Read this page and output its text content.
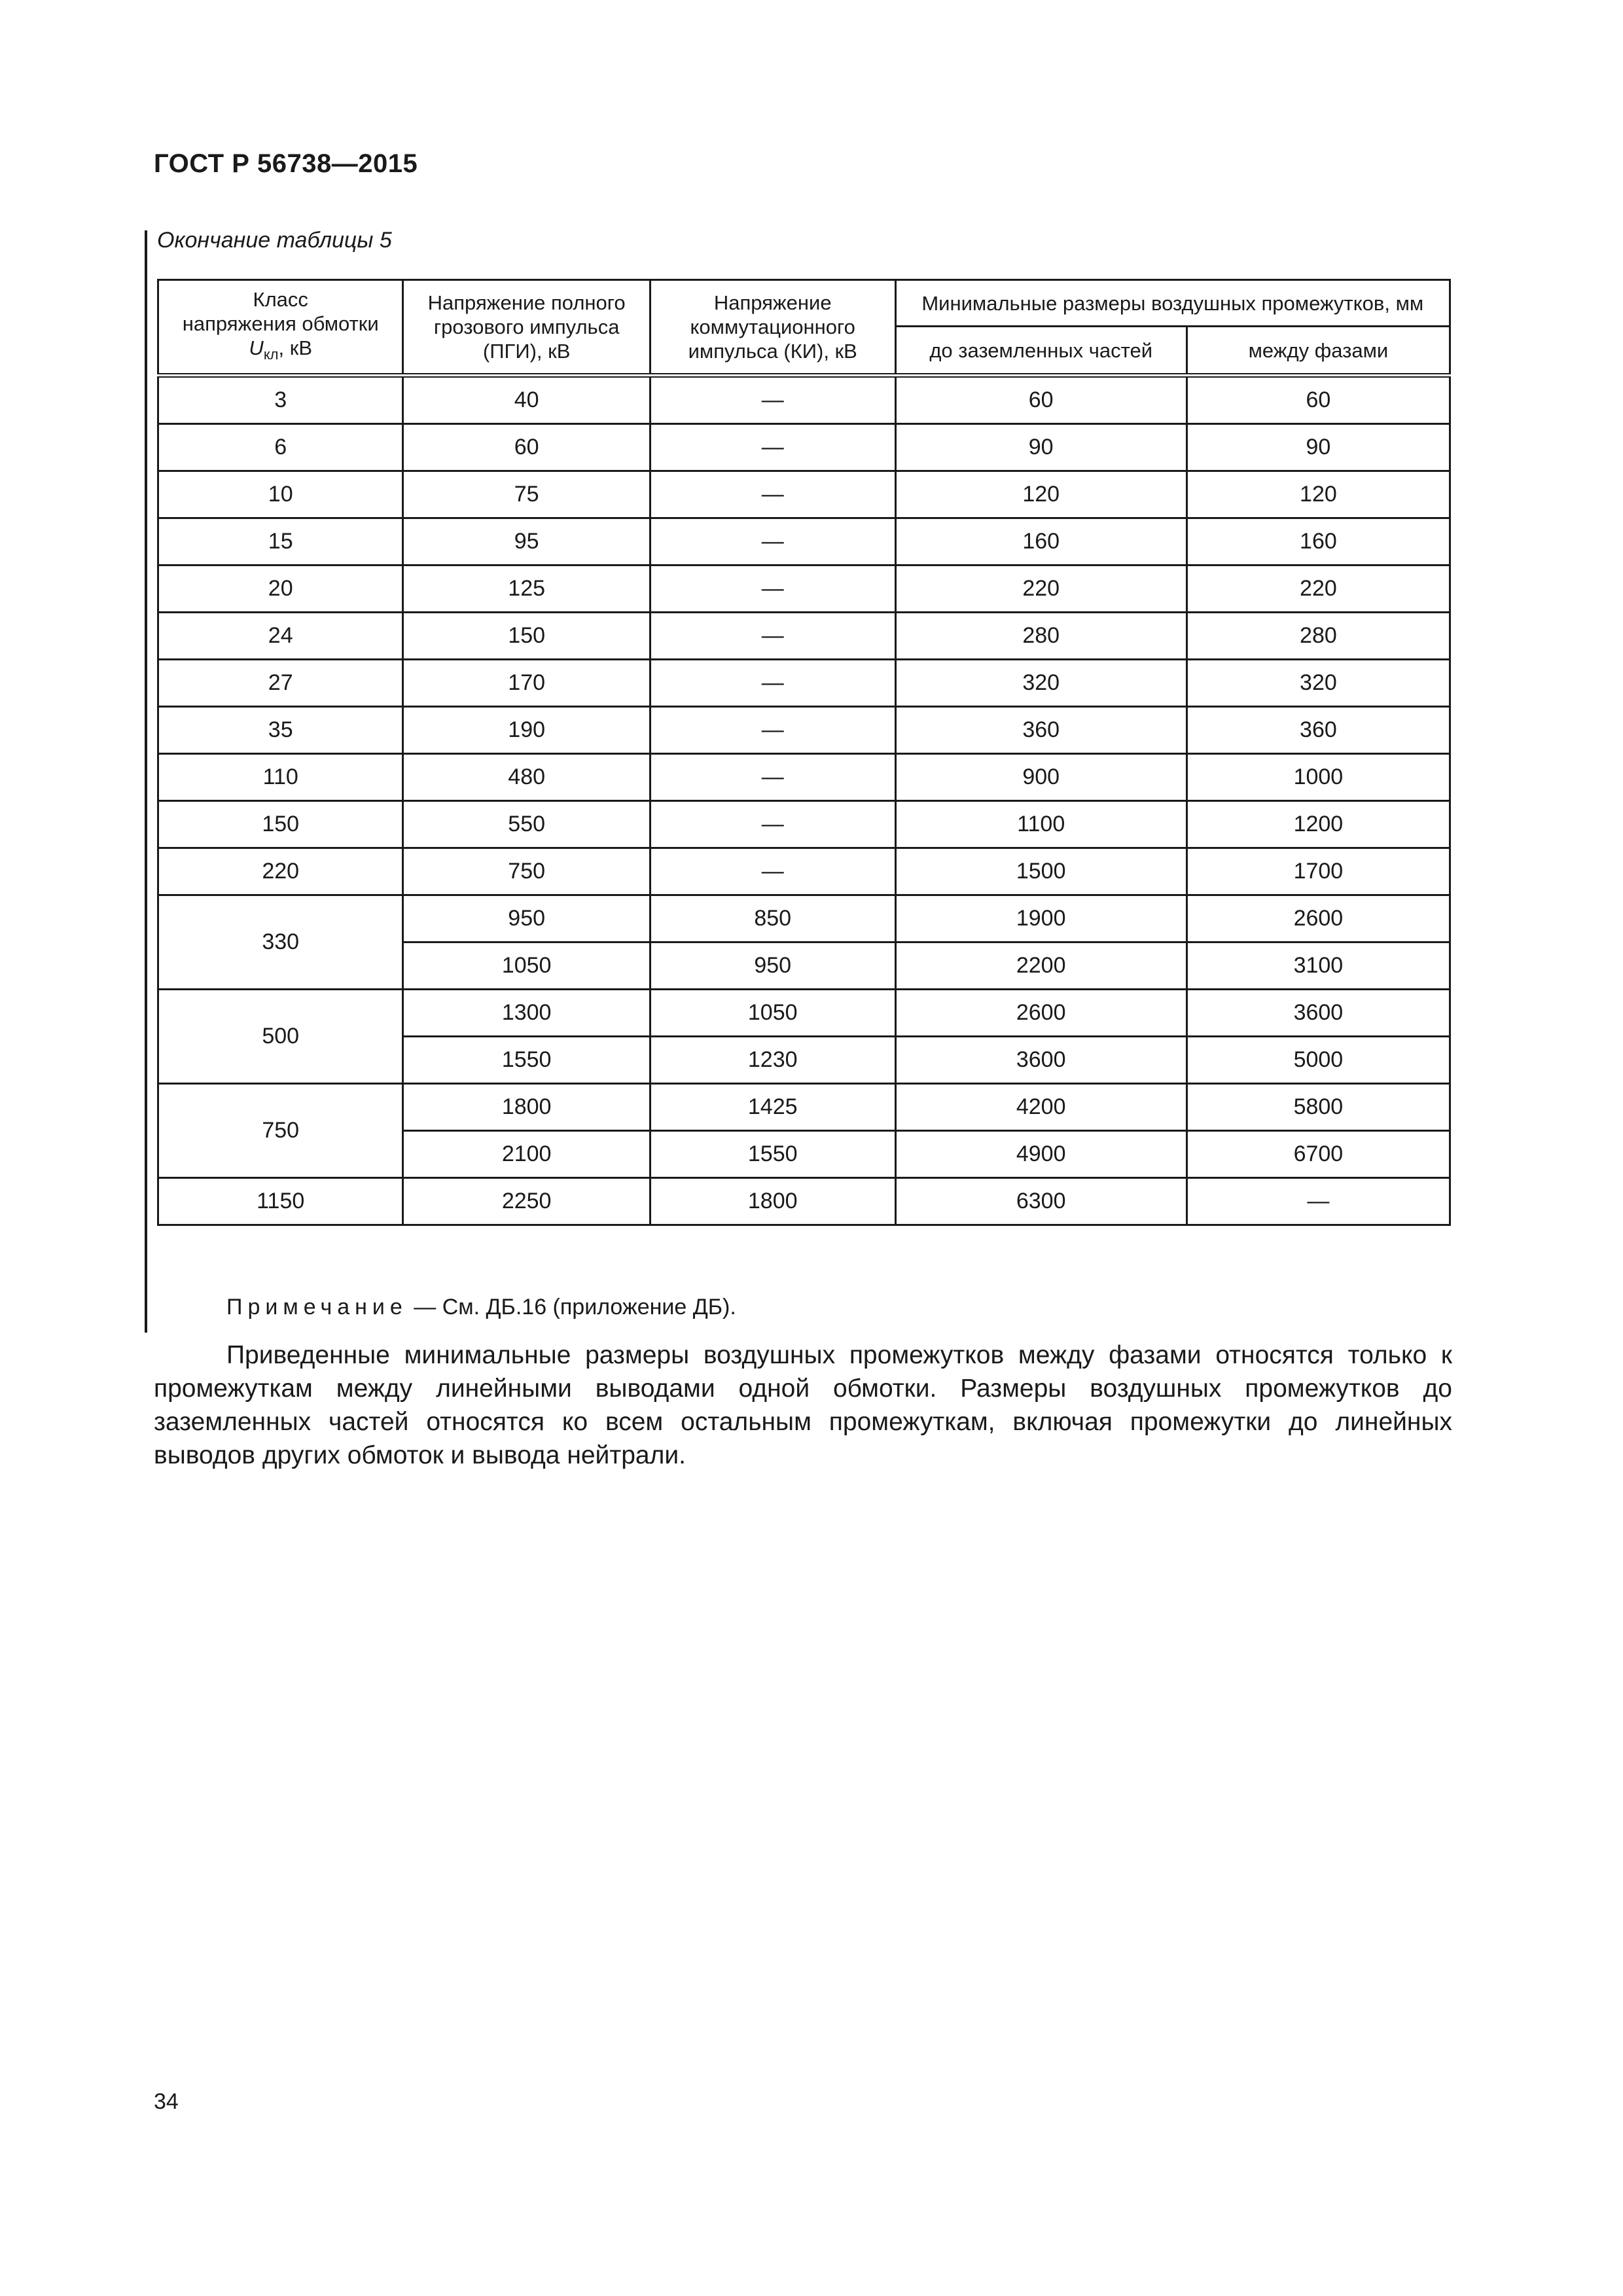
ГОСТ Р 56738—2015
Окончание таблицы 5
Класс
напряжения обмотки
$U_{кл}$, кВ	Напряжение полного грозового импульса (ПГИ), кВ	Напряжение коммутационного импульса (КИ), кВ	Минимальные размеры воздушных промежутков, мм	
			до заземленных частей	между фазами
3	40	—	60	60
6	60	—	90	90
10	75	—	120	120
15	95	—	160	160
20	125	—	220	220
24	150	—	280	280
27	170	—	320	320
35	190	—	360	360
110	480	—	900	1000
150	550	—	1100	1200
220	750	—	1500	1700
330	950	850	1900	2600
	1050	950	2200	3100
500	1300	1050	2600	3600
	1550	1230	3600	5000
750	1800	1425	4200	5800
	2100	1550	4900	6700
1150	2250	1800	6300	—
Примечание — См. ДБ.16 (приложение ДБ).
Приведенные минимальные размеры воздушных промежутков между фазами относятся только к промежуткам между линейными выводами одной обмотки. Размеры воздушных промежутков до заземленных частей относятся ко всем остальным промежуткам, включая промежутки до линейных выводов других обмоток и вывода нейтрали.
34
